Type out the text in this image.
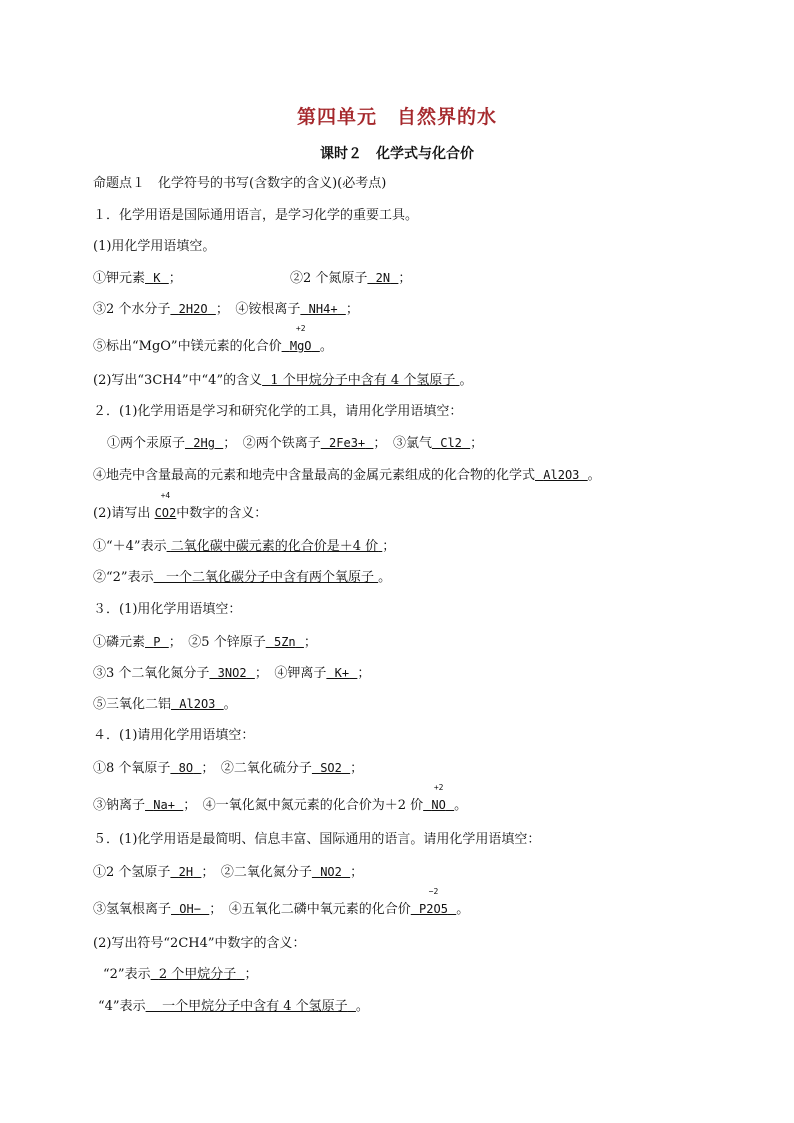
第四单元　自然界的水
课时２　化学式与化合价
命题点１　化学符号的书写(含数字的含义)(必考点)
１．化学用语是国际通用语言，是学习化学的重要工具。
(1)用化学用语填空。
①钾元素 K ；	②2 个氮原子 2N ；
③2 个水分子 2H2O ；　④铵根离子 NH4+ ；
⑤标出“MgO”中镁元素的化合价
+2
MgO 。
(2)写出“3CH4”中“4”的含义 1 个甲烷分子中含有 4 个氢原子 。
２．(1)化学用语是学习和研究化学的工具，请用化学用语填空：
①两个汞原子 2Hg ；　②两个铁离子 2Fe3+ ；　③氯气 Cl2 ；
④地壳中含量最高的元素和地壳中含量最高的金属元素组成的化合物的化学式 Al2O3 。
(2)请写出
+4
CO2中数字的含义：
①“＋4”表示 二氧化碳中碳元素的化合价是＋4 价 ；
②“2”表示 一个二氧化碳分子中含有两个氧原子 。
３．(1)用化学用语填空：
①磷元素 P ；　②5 个锌原子 5Zn ；
③3 个二氧化氮分子 3NO2 ；　④钾离子 K+ ；
⑤三氧化二铝 Al2O3 。
４．(1)请用化学用语填空：
①8 个氧原子 8O ；　②二氧化硫分子 SO2 ；
③钠离子 Na+ ；　④一氧化氮中氮元素的化合价为＋2 价
+2
NO 。
５．(1)化学用语是最简明、信息丰富、国际通用的语言。请用化学用语填空：
①2 个氢原子 2H ；　②二氧化氮分子 NO2 ；
③氢氧根离子 OH− ；　④五氧化二磷中氧元素的化合价
−2
P2O5 。
(2)写出符号“2CH4”中数字的含义：
“2”表示 2 个甲烷分子 ；
“4”表示 一个甲烷分子中含有 4 个氢原子 。
